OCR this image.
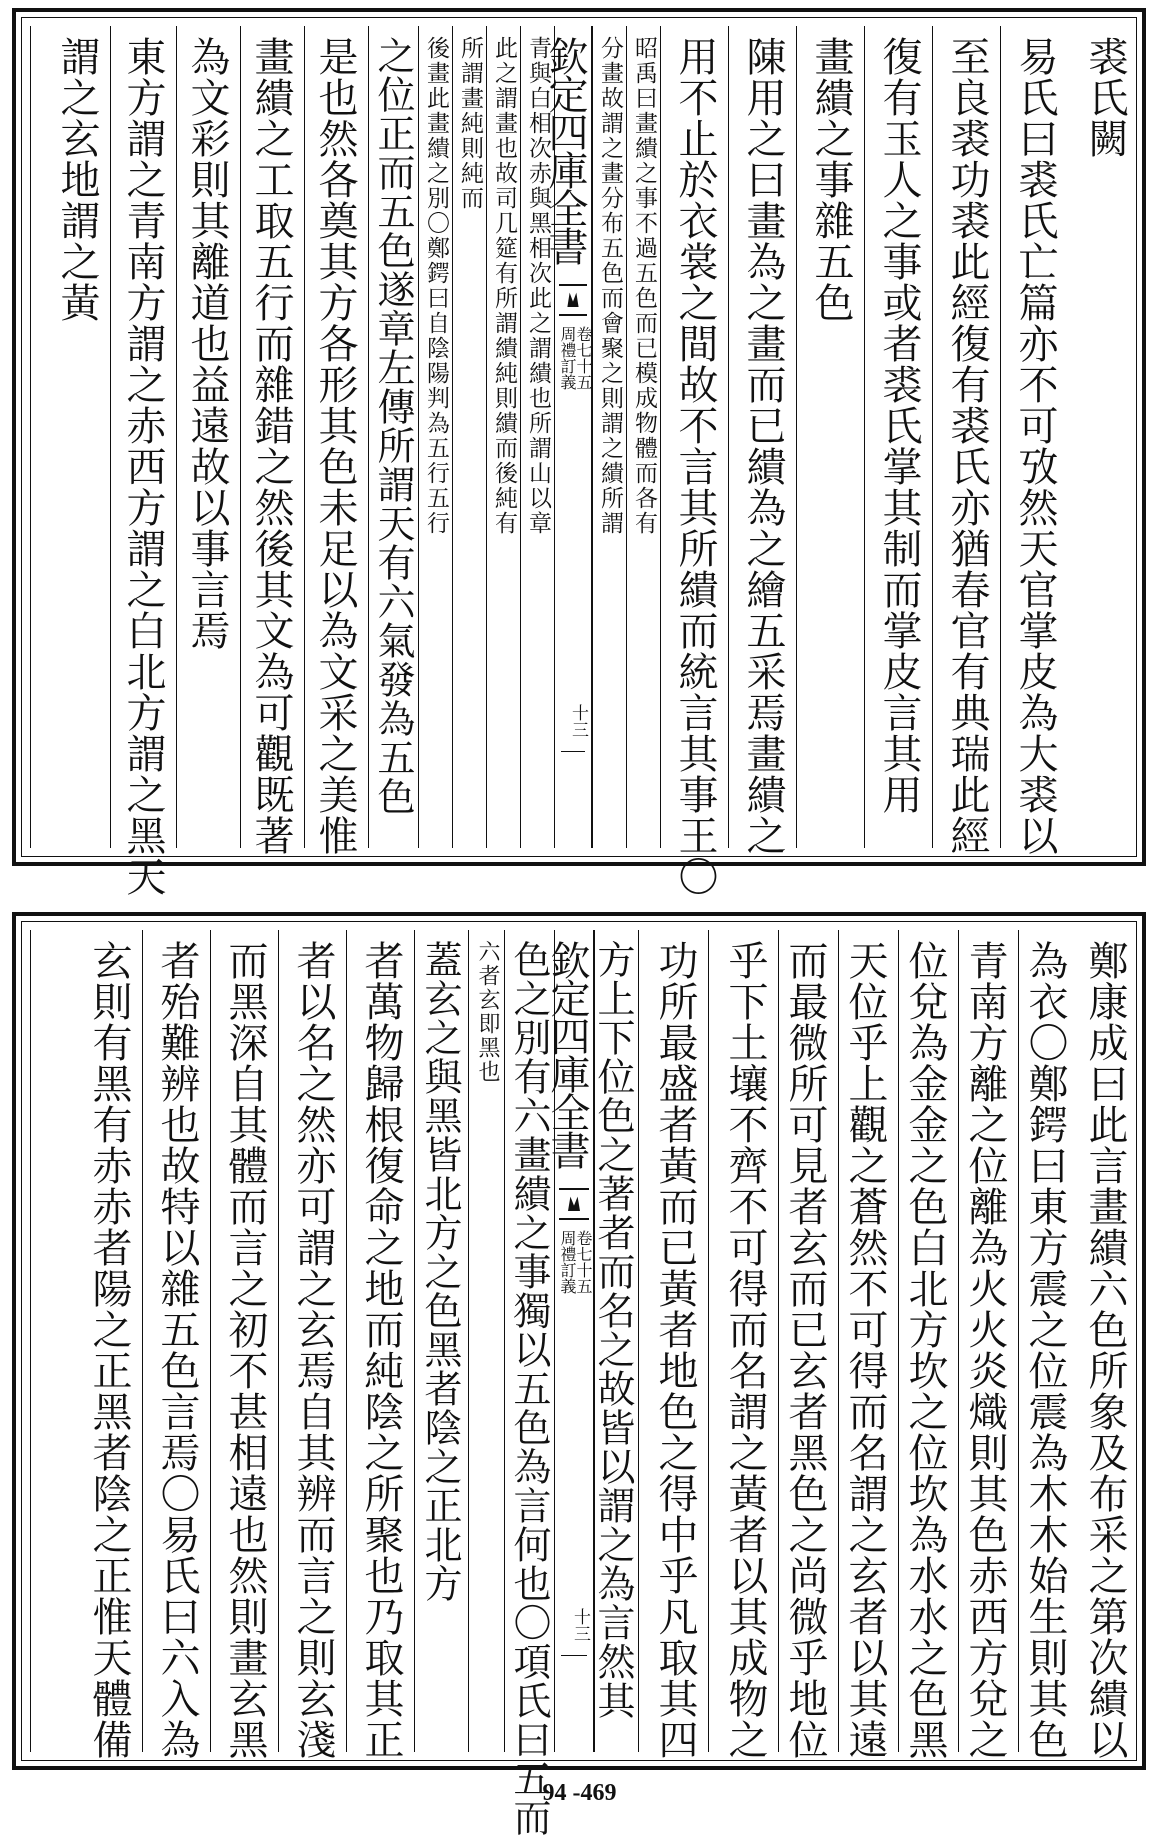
裘氏闕
易氏曰裘氏亡篇亦不可攷然天官掌皮為大裘以
至良裘功裘此經復有裘氏亦猶春官有典瑞此經
復有玉人之事或者裘氏掌其制而掌皮言其用
畫繢之事雜五色
陳用之曰畫為之畫而已繢為之繪五采焉畫繢之
用不止於衣裳之間故不言其所繢而統言其事王〇
昭禹曰畫繢之事不過五色而已模成物體而各有
分畫故謂之畫分布五色而會聚之則謂之繢所謂
欽定四庫全書
周禮訂義
卷七十五
十三
青與白相次赤與黑相次此之謂繢也所謂山以章
此之謂畫也故司几筵有所謂繢純則繢而後純有
所謂畫純則純而
後畫此畫繢之別〇鄭鍔曰自陰陽判為五行五行
之位正而五色遂章左傳所謂天有六氣發為五色
是也然各奠其方各形其色未足以為文采之美惟
畫繢之工取五行而雜錯之然後其文為可觀既著
為文彩則其離道也益遠故以事言焉
東方謂之青南方謂之赤西方謂之白北方謂之黑天
謂之玄地謂之黃
鄭康成曰此言畫繢六色所象及布采之第次繢以
為衣〇鄭鍔曰東方震之位震為木木始生則其色
青南方離之位離為火火炎熾則其色赤西方兌之
位兌為金金之色白北方坎之位坎為水水之色黑
天位乎上觀之蒼然不可得而名謂之玄者以其遠
而最微所可見者玄而已玄者黑色之尚微乎地位
乎下土壤不齊不可得而名謂之黃者以其成物之
功所最盛者黃而已黃者地色之得中乎凡取其四
方上下位色之著者而名之故皆以謂之為言然其
欽定四庫全書
周禮訂義
卷七十五
十三
色之別有六畫繢之事獨以五色為言何也〇項氏曰五而
六者玄即黑也
蓋玄之與黑皆北方之色黑者陰之正北方
者萬物歸根復命之地而純陰之所聚也乃取其正
者以名之然亦可謂之玄焉自其辨而言之則玄淺
而黑深自其體而言之初不甚相遠也然則畫玄黑
者殆難辨也故特以雜五色言焉〇易氏曰六入為
玄則有黑有赤赤者陽之正黑者陰之正惟天體備
94 -469
